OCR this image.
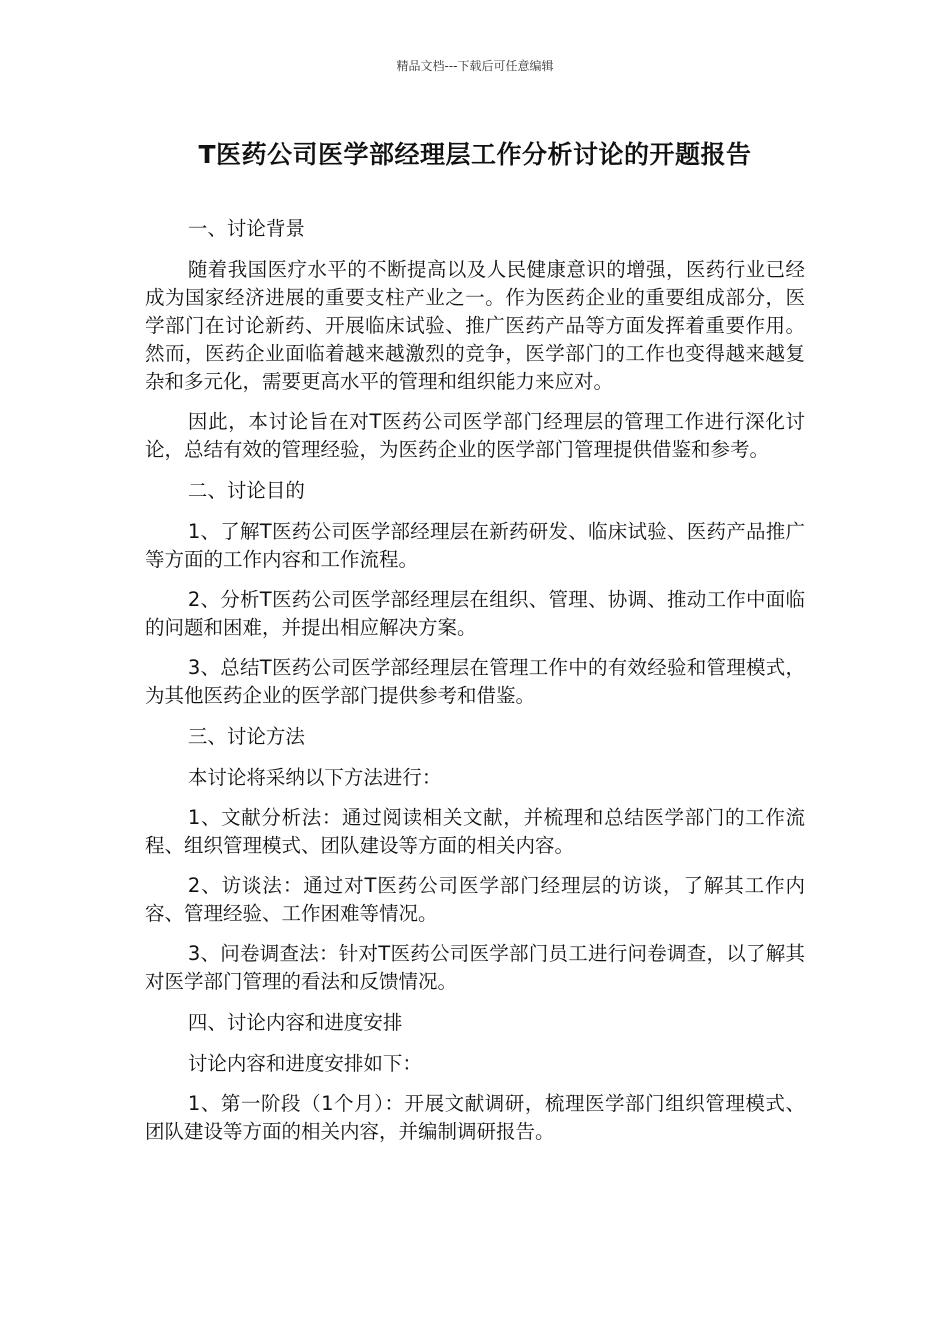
精品文档---下载后可任意编辑
T医药公司医学部经理层工作分析讨论的开题报告

一、讨论背景

随着我国医疗水平的不断提高以及人民健康意识的增强，医药行业已经成为国家经济进展的重要支柱产业之一。作为医药企业的重要组成部分，医学部门在讨论新药、开展临床试验、推广医药产品等方面发挥着重要作用。然而，医药企业面临着越来越激烈的竞争，医学部门的工作也变得越来越复杂和多元化，需要更高水平的管理和组织能力来应对。

因此，本讨论旨在对T医药公司医学部门经理层的管理工作进行深化讨论，总结有效的管理经验，为医药企业的医学部门管理提供借鉴和参考。

二、讨论目的

1、了解T医药公司医学部经理层在新药研发、临床试验、医药产品推广等方面的工作内容和工作流程。

2、分析T医药公司医学部经理层在组织、管理、协调、推动工作中面临的问题和困难，并提出相应解决方案。

3、总结T医药公司医学部经理层在管理工作中的有效经验和管理模式，为其他医药企业的医学部门提供参考和借鉴。

三、讨论方法

本讨论将采纳以下方法进行：

1、文献分析法：通过阅读相关文献，并梳理和总结医学部门的工作流程、组织管理模式、团队建设等方面的相关内容。

2、访谈法：通过对T医药公司医学部门经理层的访谈，了解其工作内容、管理经验、工作困难等情况。

3、问卷调查法：针对T医药公司医学部门员工进行问卷调查，以了解其对医学部门管理的看法和反馈情况。

四、讨论内容和进度安排

讨论内容和进度安排如下：

1、第一阶段（1个月）：开展文献调研，梳理医学部门组织管理模式、团队建设等方面的相关内容，并编制调研报告。
